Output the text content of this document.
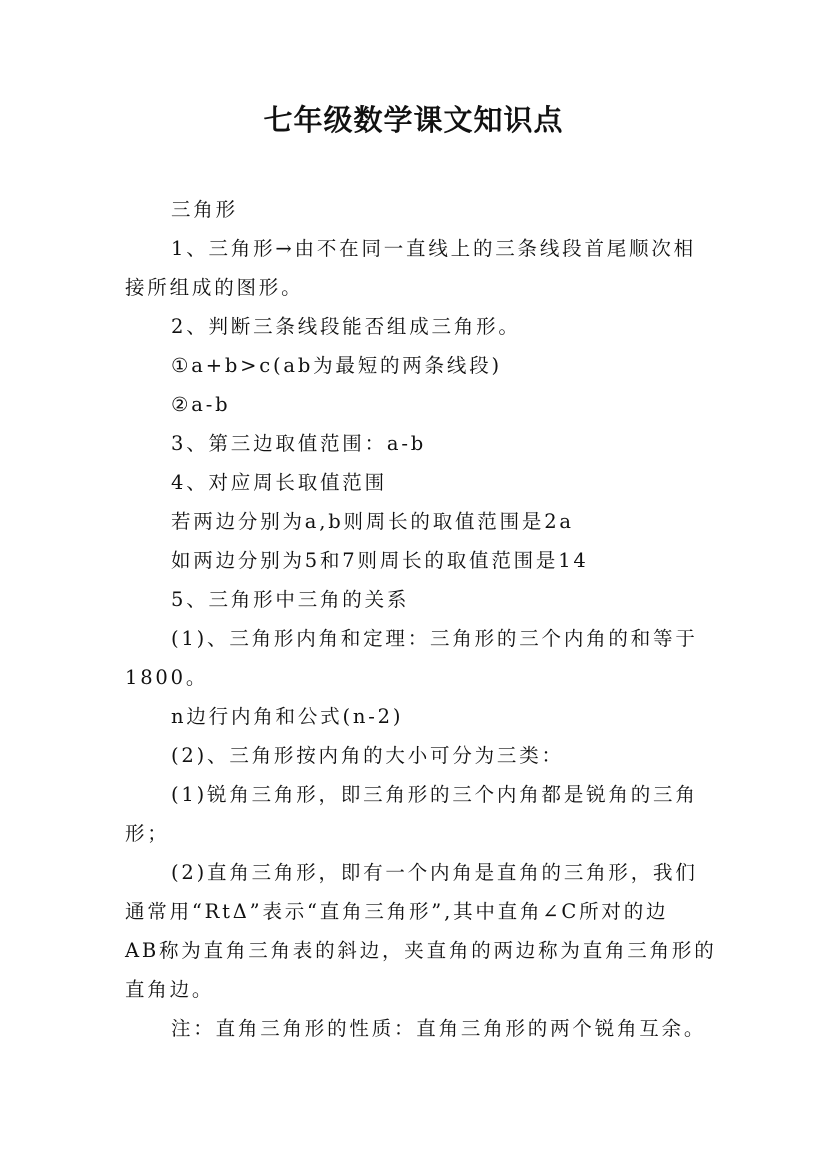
七年级数学课文知识点
三角形
1、三角形→由不在同一直线上的三条线段首尾顺次相
接所组成的图形。
2、判断三条线段能否组成三角形。
①a+b>c(ab为最短的两条线段)
②a-b
3、第三边取值范围：a-b
4、对应周长取值范围
若两边分别为a,b则周长的取值范围是2a
如两边分别为5和7则周长的取值范围是14
5、三角形中三角的关系
(1)、三角形内角和定理：三角形的三个内角的和等于
1800。
n边行内角和公式(n-2)
(2)、三角形按内角的大小可分为三类：
(1)锐角三角形，即三角形的三个内角都是锐角的三角
形；
(2)直角三角形，即有一个内角是直角的三角形，我们
通常用“RtΔ”表示“直角三角形”,其中直角∠C所对的边
AB称为直角三角表的斜边，夹直角的两边称为直角三角形的
直角边。
注：直角三角形的性质：直角三角形的两个锐角互余。
